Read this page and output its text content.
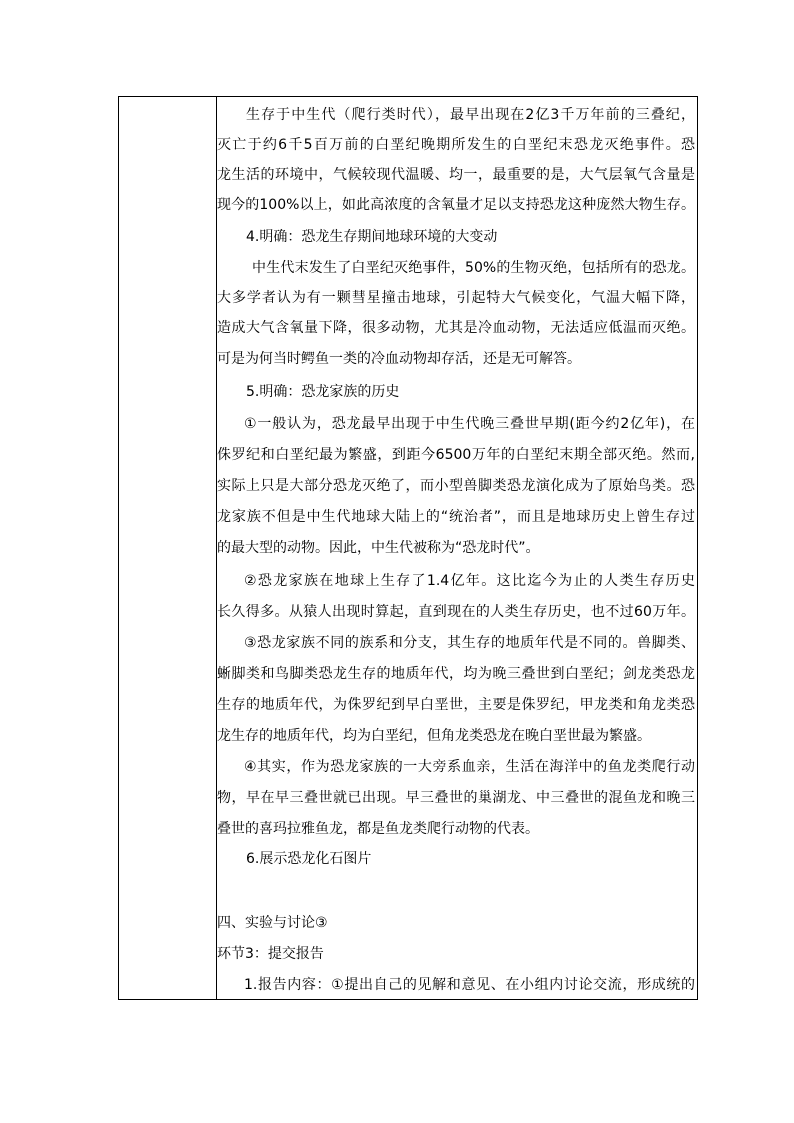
生存于中生代（爬行类时代），最早出现在2亿3千万年前的三叠纪，
灭亡于约6千5百万前的白垩纪晚期所发生的白垩纪末恐龙灭绝事件。恐
龙生活的环境中，气候较现代温暖、均一，最重要的是，大气层氧气含量是
现今的100%以上，如此高浓度的含氧量才足以支持恐龙这种庞然大物生存。
4.明确：恐龙生存期间地球环境的大变动
中生代末发生了白垩纪灭绝事件，50%的生物灭绝，包括所有的恐龙。
大多学者认为有一颗彗星撞击地球，引起特大气候变化，气温大幅下降，
造成大气含氧量下降，很多动物，尤其是冷血动物，无法适应低温而灭绝。
可是为何当时鳄鱼一类的冷血动物却存活，还是无可解答。
5.明确：恐龙家族的历史
①一般认为，恐龙最早出现于中生代晚三叠世早期(距今约2亿年)，在
侏罗纪和白垩纪最为繁盛，到距今6500万年的白垩纪末期全部灭绝。然而,
实际上只是大部分恐龙灭绝了，而小型兽脚类恐龙演化成为了原始鸟类。恐
龙家族不但是中生代地球大陆上的“统治者”，而且是地球历史上曾生存过
的最大型的动物。因此，中生代被称为“恐龙时代”。
②恐龙家族在地球上生存了1.4亿年。这比迄今为止的人类生存历史
长久得多。从猿人出现时算起，直到现在的人类生存历史，也不过60万年。
③恐龙家族不同的族系和分支，其生存的地质年代是不同的。兽脚类、
蜥脚类和鸟脚类恐龙生存的地质年代，均为晚三叠世到白垩纪；剑龙类恐龙
生存的地质年代，为侏罗纪到早白垩世，主要是侏罗纪，甲龙类和角龙类恐
龙生存的地质年代，均为白垩纪，但角龙类恐龙在晚白垩世最为繁盛。
④其实，作为恐龙家族的一大旁系血亲，生活在海洋中的鱼龙类爬行动
物，早在早三叠世就已出现。早三叠世的巢湖龙、中三叠世的混鱼龙和晚三
叠世的喜玛拉雅鱼龙，都是鱼龙类爬行动物的代表。
6.展示恐龙化石图片
四、实验与讨论③
环节3：提交报告
1.报告内容：①提出自己的见解和意见、在小组内讨论交流，形成统的
